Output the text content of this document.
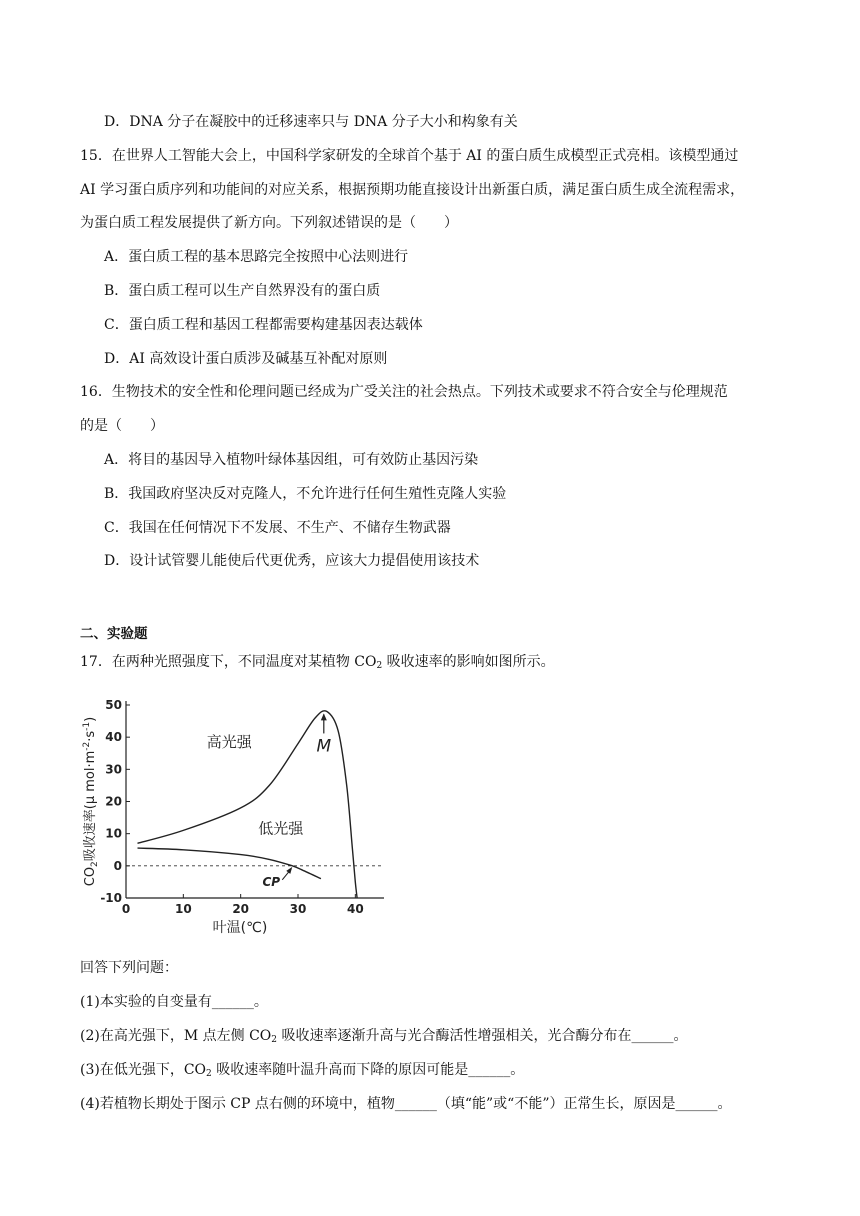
D．DNA 分子在凝胶中的迁移速率只与 DNA 分子大小和构象有关
15．在世界人工智能大会上，中国科学家研发的全球首个基于 AI 的蛋白质生成模型正式亮相。该模型通过
AI 学习蛋白质序列和功能间的对应关系，根据预期功能直接设计出新蛋白质，满足蛋白质生成全流程需求，
为蛋白质工程发展提供了新方向。下列叙述错误的是（　　）
A．蛋白质工程的基本思路完全按照中心法则进行
B．蛋白质工程可以生产自然界没有的蛋白质
C．蛋白质工程和基因工程都需要构建基因表达载体
D．AI 高效设计蛋白质涉及碱基互补配对原则
16．生物技术的安全性和伦理问题已经成为广受关注的社会热点。下列技术或要求不符合安全与伦理规范
的是（　　）
A．将目的基因导入植物叶绿体基因组，可有效防止基因污染
B．我国政府坚决反对克隆人，不允许进行任何生殖性克隆人实验
C．我国在任何情况下不发展、不生产、不储存生物武器
D．设计试管婴儿能使后代更优秀，应该大力提倡使用该技术
二、实验题
17．在两种光照强度下，不同温度对某植物 $CO_2$ 吸收速率的影响如图所示。
$CO_2$吸收速率(μ $mol\cdot m^{-2}\cdot s^{-1}$)
-10
0
10
20
30
40
50
0	10	20	30	40
高光强
低光强
M
CP
叶温(℃)
回答下列问题：
(1)本实验的自变量有______。
(2)在高光强下，M 点左侧 $CO_2$ 吸收速率逐渐升高与光合酶活性增强相关，光合酶分布在______。
(3)在低光强下，$CO_2$ 吸收速率随叶温升高而下降的原因可能是______。
(4)若植物长期处于图示 CP 点右侧的环境中，植物______（填“能”或“不能”）正常生长，原因是______。
